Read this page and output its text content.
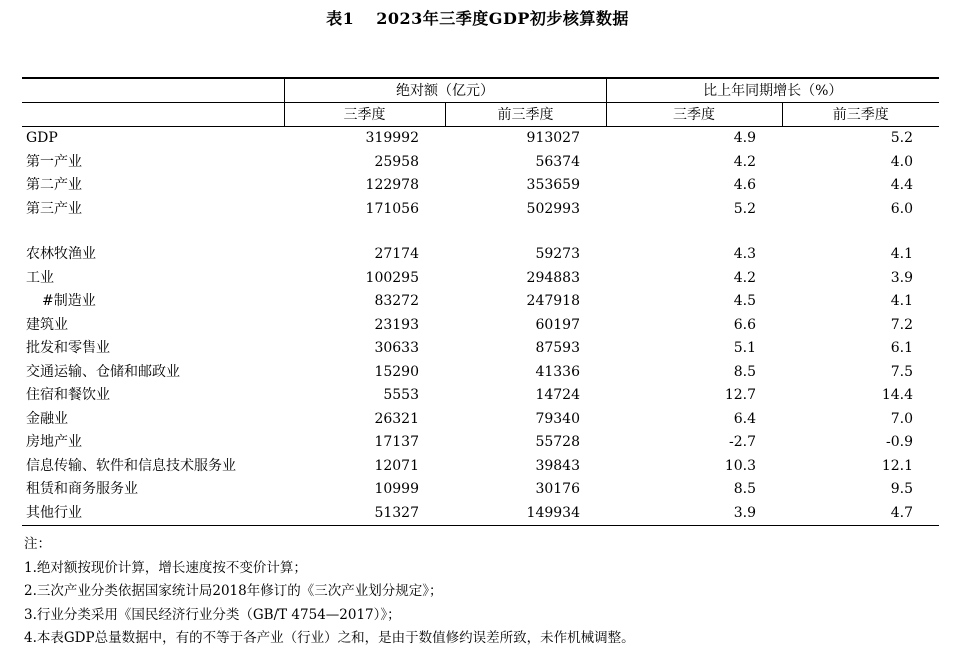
表1 2023年三季度GDP初步核算数据
	绝对额（亿元）		比上年同期增长（%）	
	三季度	前三季度	三季度	前三季度
GDP	319992	913027	4.9	5.2
第一产业	25958	56374	4.2	4.0
第二产业	122978	353659	4.6	4.4
第三产业	171056	502993	5.2	6.0

农林牧渔业	27174	59273	4.3	4.1
工业	100295	294883	4.2	3.9
#制造业	83272	247918	4.5	4.1
建筑业	23193	60197	6.6	7.2
批发和零售业	30633	87593	5.1	6.1
交通运输、仓储和邮政业	15290	41336	8.5	7.5
住宿和餐饮业	5553	14724	12.7	14.4
金融业	26321	79340	6.4	7.0
房地产业	17137	55728	-2.7	-0.9
信息传输、软件和信息技术服务业	12071	39843	10.3	12.1
租赁和商务服务业	10999	30176	8.5	9.5
其他行业	51327	149934	3.9	4.7
注：
1.绝对额按现价计算，增长速度按不变价计算；
2.三次产业分类依据国家统计局2018年修订的《三次产业划分规定》；
3.行业分类采用《国民经济行业分类（GB/T 4754—2017）》；
4.本表GDP总量数据中，有的不等于各产业（行业）之和，是由于数值修约误差所致，未作机械调整。
